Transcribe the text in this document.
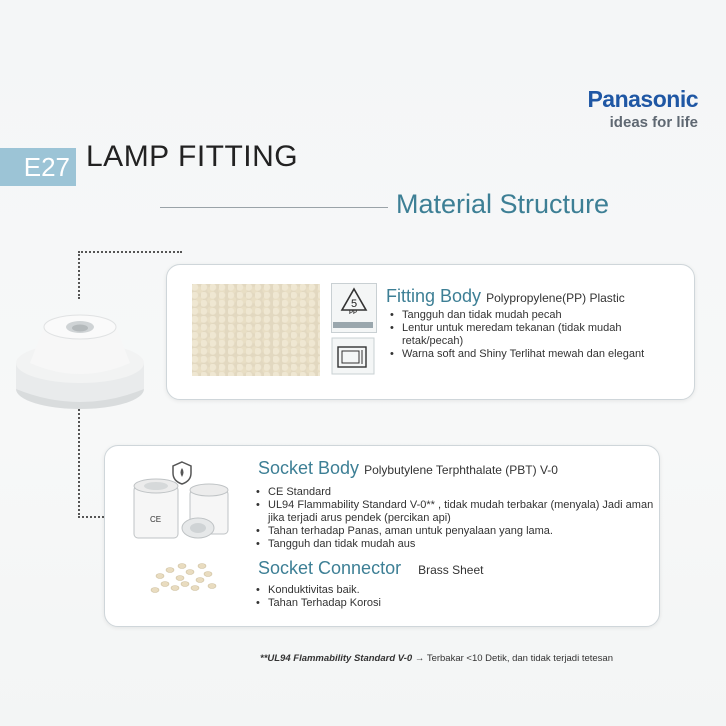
Panasonic
ideas for life
E27 LAMP FITTING
Material Structure
5
PP
Fitting Body Polypropylene(PP) Plastic
• Tangguh dan tidak mudah pecah
• Lentur untuk meredam tekanan (tidak mudah retak/pecah)
• Warna soft and Shiny Terlihat mewah dan elegant
CE
Socket Body Polybutylene Terphthalate (PBT) V-0
• CE Standard
• UL94 Flammability Standard V-0** , tidak mudah terbakar (menyala) Jadi aman jika terjadi arus pendek (percikan api)
• Tahan terhadap Panas, aman untuk penyalaan yang lama.
• Tangguh dan tidak mudah aus
Socket Connector Brass Sheet
• Konduktivitas baik.
• Tahan Terhadap Korosi
**UL94 Flammability Standard V-0 → Terbakar <10 Detik, dan tidak terjadi tetesan
